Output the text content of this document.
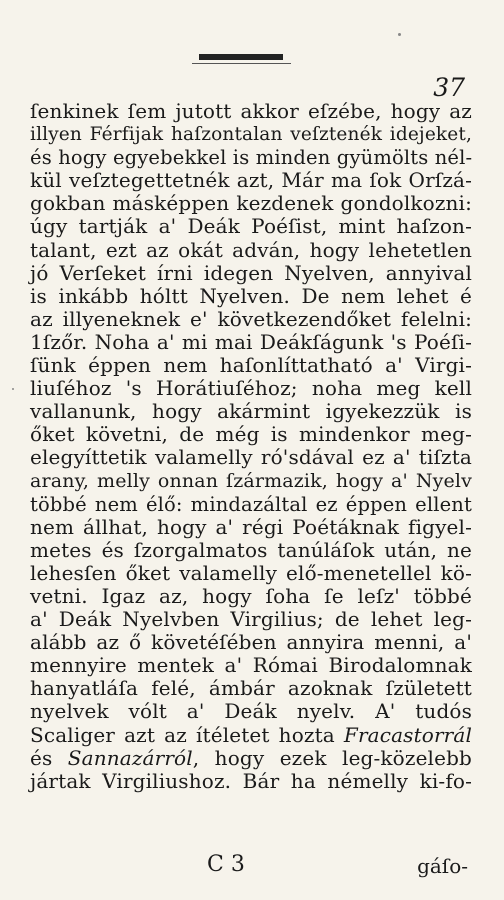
37
ſenkinek ſem jutott akkor eſzébe, hogy az
illyen Férfijak haſzontalan veſztenék idejeket,
és hogy egyebekkel is minden gyümölts nél-
kül veſztegettetnék azt, Már ma ſok Orſzá-
gokban másképpen kezdenek gondolkozni:
úgy tartják a' Deák Poéſist, mint haſzon-
talant, ezt az okát adván, hogy lehetetlen
jó Verſeket írni idegen Nyelven, annyival
is inkább hóltt Nyelven. De nem lehet é
az illyeneknek e' következendőket felelni:
1ſzőr. Noha a' mi mai Deákſágunk 's Poéſi-
ſünk éppen nem haſonlíttatható a' Virgi-
liuſéhoz 's Horátiuſéhoz; noha meg kell
vallanunk, hogy akármint igyekezzük is
őket követni, de még is mindenkor meg-
elegyíttetik valamelly ró'sdával ez a' tiſzta
arany, melly onnan ſzármazik, hogy a' Nyelv
többé nem élő: mindazáltal ez éppen ellent
nem állhat, hogy a' régi Poétáknak figyel-
metes és ſzorgalmatos tanúláſok után, ne
lehesſen őket valamelly elő-menetellel kö-
vetni. Igaz az, hogy ſoha ſe leſz' többé
a' Deák Nyelvben Virgilius; de lehet leg-
alább az ő követéſében annyira menni, a'
mennyire mentek a' Római Birodalomnak
hanyatláſa felé, ámbár azoknak ſzületett
nyelvek vólt a' Deák nyelv. A' tudós
Scaliger azt az ítéletet hozta Fracastorrál
és Sannazárról, hogy ezek leg-közelebb
jártak Virgiliushoz. Bár ha némelly ki-fo-
C 3	gáſo-
